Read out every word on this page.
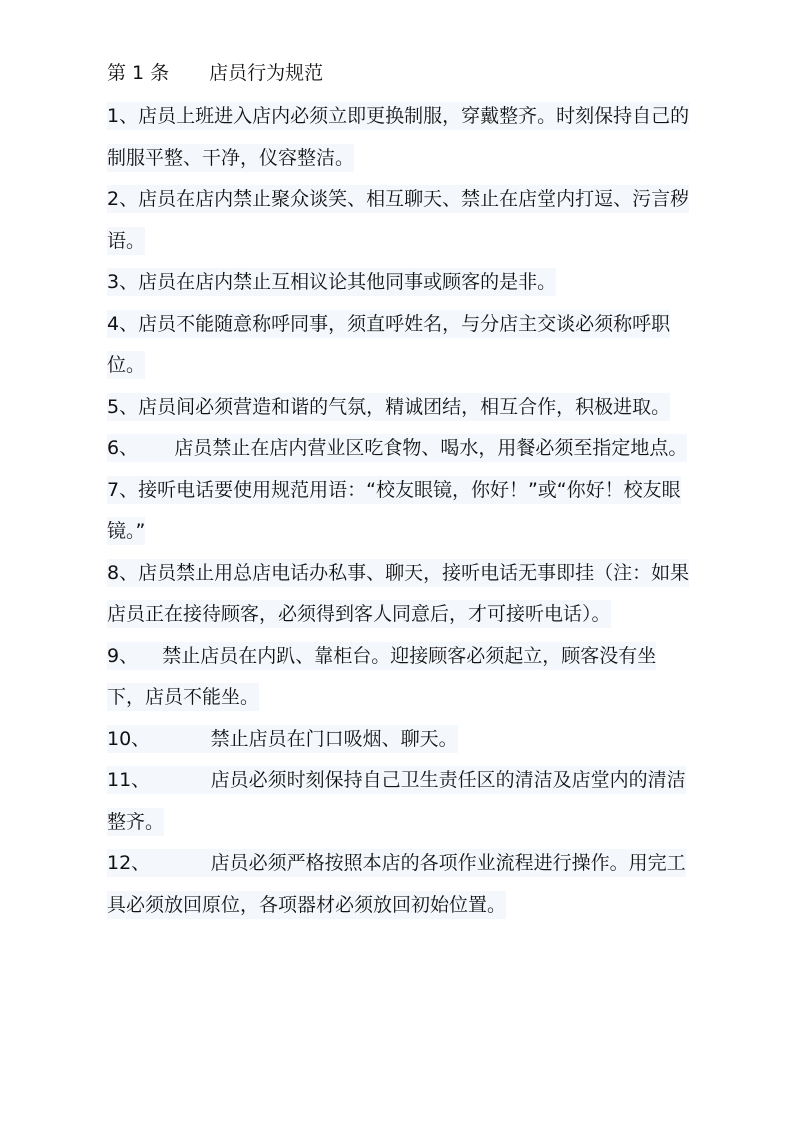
第 1 条 店员行为规范
1、店员上班进入店内必须立即更换制服，穿戴整齐。时刻保持自己的制服平整、干净，仪容整洁。
2、店员在店内禁止聚众谈笑、相互聊天、禁止在店堂内打逗、污言秽语。
3、店员在店内禁止互相议论其他同事或顾客的是非。
4、店员不能随意称呼同事，须直呼姓名，与分店主交谈必须称呼职位。
5、店员间必须营造和谐的气氛，精诚团结，相互合作，积极进取。
6、      店员禁止在店内营业区吃食物、喝水，用餐必须至指定地点。
7、接听电话要使用规范用语：“校友眼镜，你好！”或“你好！校友眼镜。”
8、店员禁止用总店电话办私事、聊天，接听电话无事即挂（注：如果店员正在接待顾客，必须得到客人同意后，才可接听电话）。
9、    禁止店员在内趴、靠柜台。迎接顾客必须起立，顾客没有坐下，店员不能坐。
10、          禁止店员在门口吸烟、聊天。
11、          店员必须时刻保持自己卫生责任区的清洁及店堂内的清洁整齐。
12、          店员必须严格按照本店的各项作业流程进行操作。用完工具必须放回原位，各项器材必须放回初始位置。
